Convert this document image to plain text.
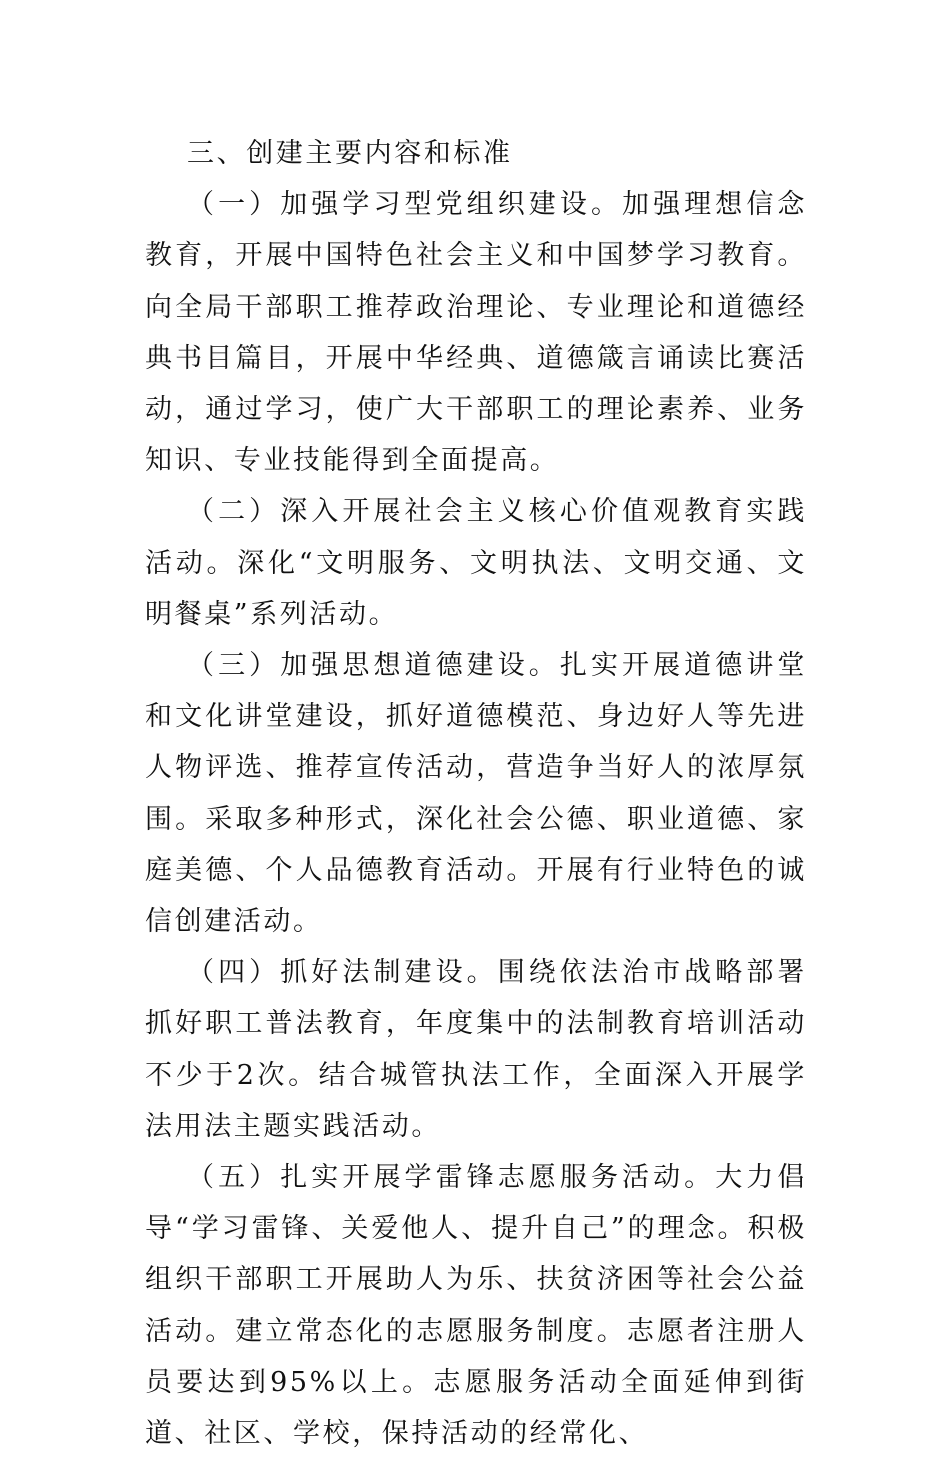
三、创建主要内容和标准

（一）加强学习型党组织建设。加强理想信念教育，开展中国特色社会主义和中国梦学习教育。向全局干部职工推荐政治理论、专业理论和道德经典书目篇目，开展中华经典、道德箴言诵读比赛活动，通过学习，使广大干部职工的理论素养、业务知识、专业技能得到全面提高。

（二）深入开展社会主义核心价值观教育实践活动。深化“文明服务、文明执法、文明交通、文明餐桌”系列活动。

（三）加强思想道德建设。扎实开展道德讲堂和文化讲堂建设，抓好道德模范、身边好人等先进人物评选、推荐宣传活动，营造争当好人的浓厚氛围。采取多种形式，深化社会公德、职业道德、家庭美德、个人品德教育活动。开展有行业特色的诚信创建活动。

（四）抓好法制建设。围绕依法治市战略部署抓好职工普法教育，年度集中的法制教育培训活动不少于2次。结合城管执法工作，全面深入开展学法用法主题实践活动。

（五）扎实开展学雷锋志愿服务活动。大力倡导“学习雷锋、关爱他人、提升自己”的理念。积极组织干部职工开展助人为乐、扶贫济困等社会公益活动。建立常态化的志愿服务制度。志愿者注册人员要达到95%以上。志愿服务活动全面延伸到街道、社区、学校，保持活动的经常化、
